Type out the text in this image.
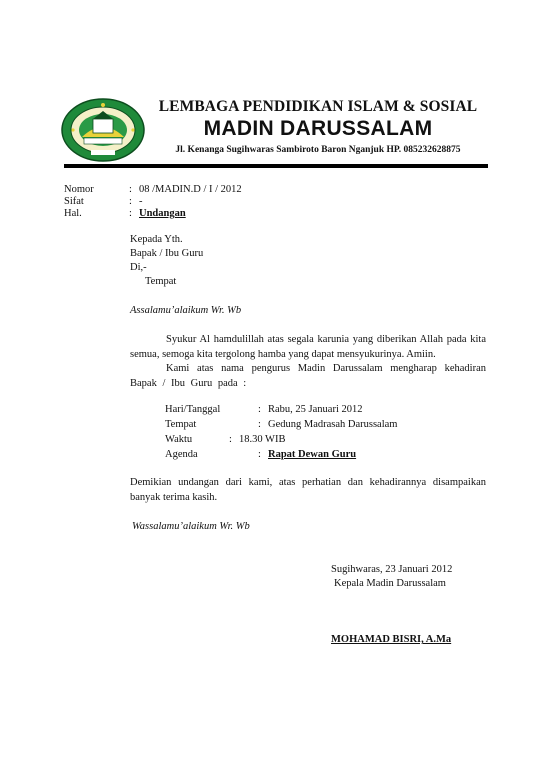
LEMBAGA PENDIDIKAN ISLAM & SOSIAL
MADIN DARUSSALAM
Jl. Kenanga Sugihwaras Sambiroto Baron Nganjuk HP. 085232628875
Nomor	: 08 /MADIN.D / I / 2012
Sifat	: -
Hal.	: Undangan
Kepada Yth.
Bapak / Ibu Guru
Di,-
Tempat
Assalamu’alaikum Wr. Wb
Syukur Al hamdulillah atas segala karunia yang diberikan Allah pada kita semua, semoga kita tergolong hamba yang dapat mensyukurinya. Amiin.
Kami atas nama pengurus Madin Darussalam mengharap kehadiran Bapak / Ibu Guru pada :
Hari/Tanggal	: Rabu, 25 Januari 2012
Tempat	: Gedung Madrasah Darussalam
Waktu	: 18.30 WIB
Agenda	: Rapat Dewan Guru
Demikian undangan dari kami, atas perhatian dan kehadirannya disampaikan banyak terima kasih.
Wassalamu’alaikum Wr. Wb
Sugihwaras, 23 Januari 2012
Kepala Madin Darussalam
MOHAMAD BISRI, A.Ma
